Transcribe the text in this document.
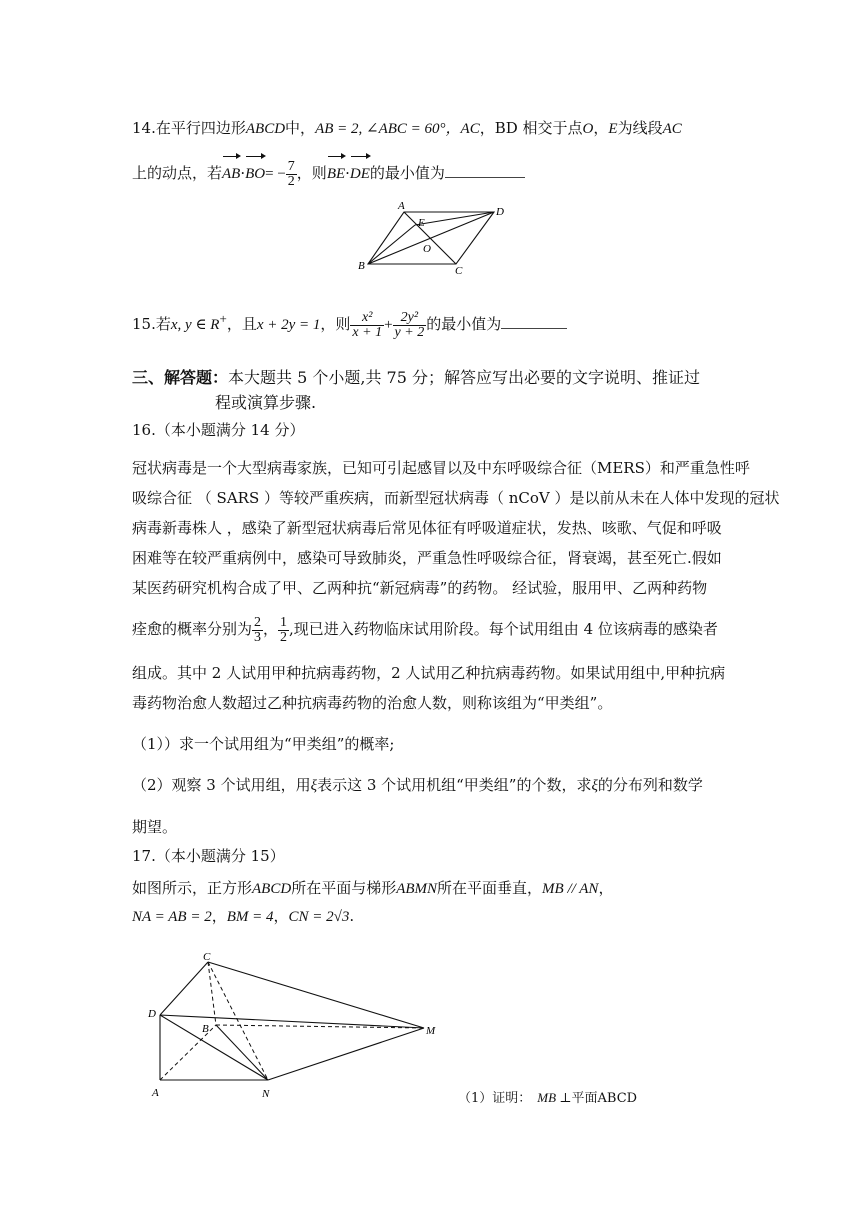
14.在平行四边形ABCD中，AB = 2, ∠ABC = 60°，AC，BD 相交于点O，E为线段AC
上的动点，若$AB\cdot BO= - \frac{7}{2}$ ，则BE·DE的最小值为
A	D
E
O
B	C
15.若x, y ∈ R+，且x + 2y = 1，则 $\frac{\text{x²}}{x + 1} + \frac{\text{2y²}}{y + 2}$ 的最小值为
三、解答题：本大题共 5 个小题,共 75 分；解答应写出必要的文字说明、推证过
程或演算步骤.
16.（本小题满分 14 分）
冠状病毒是一个大型病毒家族，已知可引起感冒以及中东呼吸综合征（MERS）和严重急性呼
吸综合征 （ SARS ）等较严重疾病，而新型冠状病毒（ nCoV ）是以前从未在人体中发现的冠状
病毒新毒株人 ，感染了新型冠状病毒后常见体征有呼吸道症状，发热、咳歌、气促和呼吸
困难等在较严重病例中，感染可导致肺炎，严重急性呼吸综合征，肾衰竭，甚至死亡.假如
某医药研究机构合成了甲、乙两种抗“新冠病毒”的药物。 经试验，服用甲、乙两种药物
痊愈的概率分别为 $\frac{2}{3}$ ， $\frac{1}{2}$ ,现已进入药物临床试用阶段。每个试用组由 4 位该病毒的感染者
组成。其中 2 人试用甲种抗病毒药物，2 人试用乙种抗病毒药物。如果试用组中,甲种抗病
毒药物治愈人数超过乙种抗病毒药物的治愈人数，则称该组为“甲类组”。
（1））求一个试用组为“甲类组”的概率;
（2）观察 3 个试用组，用ξ表示这 3 个试用机组“甲类组”的个数，求ξ的分布列和数学
期望。
17.（本小题满分 15）
如图所示，正方形ABCD所在平面与梯形ABMN所在平面垂直，MB // AN，
NA = AB = 2，BM = 4，CN = 2√3.
C
D
B	M
A	N	（1）证明： MB ⊥平面ABCD
